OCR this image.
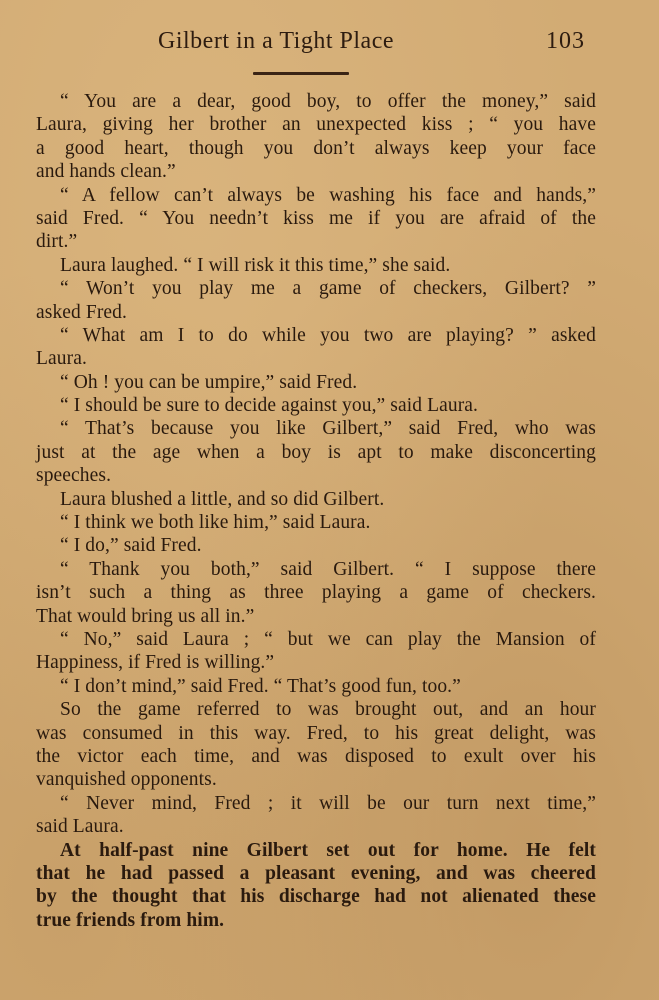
Gilbert in a Tight Place	103
“ You are a dear, good boy, to offer the money,” said
Laura, giving her brother an unexpected kiss ; “ you have
a good heart, though you don’t always keep your face
and hands clean.”
“ A fellow can’t always be washing his face and hands,”
said Fred. “ You needn’t kiss me if you are afraid of the
dirt.”
Laura laughed. “ I will risk it this time,” she said.
“ Won’t you play me a game of checkers, Gilbert? ”
asked Fred.
“ What am I to do while you two are playing? ” asked
Laura.
“ Oh ! you can be umpire,” said Fred.
“ I should be sure to decide against you,” said Laura.
“ That’s because you like Gilbert,” said Fred, who was
just at the age when a boy is apt to make disconcerting
speeches.
Laura blushed a little, and so did Gilbert.
“ I think we both like him,” said Laura.
“ I do,” said Fred.
“ Thank you both,” said Gilbert. “ I suppose there
isn’t such a thing as three playing a game of checkers.
That would bring us all in.”
“ No,” said Laura ; “ but we can play the Mansion of
Happiness, if Fred is willing.”
“ I don’t mind,” said Fred. “ That’s good fun, too.”
So the game referred to was brought out, and an hour
was consumed in this way. Fred, to his great delight, was
the victor each time, and was disposed to exult over his
vanquished opponents.
“ Never mind, Fred ; it will be our turn next time,”
said Laura.
At half-past nine Gilbert set out for home. He felt
that he had passed a pleasant evening, and was cheered
by the thought that his discharge had not alienated these
true friends from him.
